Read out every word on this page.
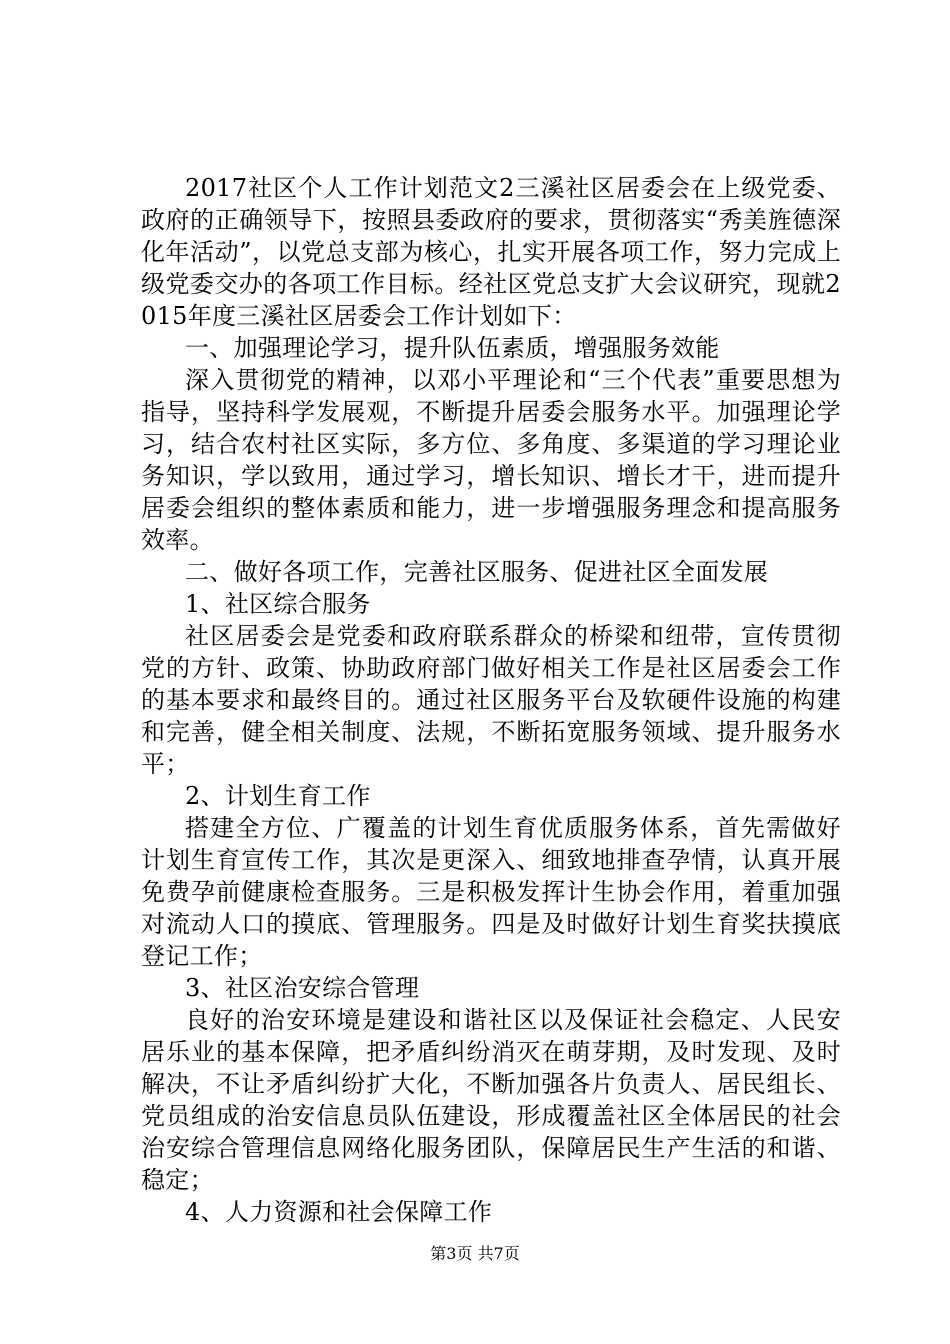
2017社区个人工作计划范文2三溪社区居委会在上级党委、政府的正确领导下，按照县委政府的要求，贯彻落实“秀美旌德深化年活动”，以党总支部为核心，扎实开展各项工作，努力完成上级党委交办的各项工作目标。经社区党总支扩大会议研究，现就2015年度三溪社区居委会工作计划如下：

一、加强理论学习，提升队伍素质，增强服务效能

深入贯彻党的精神，以邓小平理论和“三个代表”重要思想为指导，坚持科学发展观，不断提升居委会服务水平。加强理论学习，结合农村社区实际，多方位、多角度、多渠道的学习理论业务知识，学以致用，通过学习，增长知识、增长才干，进而提升居委会组织的整体素质和能力，进一步增强服务理念和提高服务效率。

二、做好各项工作，完善社区服务、促进社区全面发展

1、社区综合服务

社区居委会是党委和政府联系群众的桥梁和纽带，宣传贯彻党的方针、政策、协助政府部门做好相关工作是社区居委会工作的基本要求和最终目的。通过社区服务平台及软硬件设施的构建和完善，健全相关制度、法规，不断拓宽服务领域、提升服务水平；

2、计划生育工作

搭建全方位、广覆盖的计划生育优质服务体系，首先需做好计划生育宣传工作，其次是更深入、细致地排查孕情，认真开展免费孕前健康检查服务。三是积极发挥计生协会作用，着重加强对流动人口的摸底、管理服务。四是及时做好计划生育奖扶摸底登记工作；

3、社区治安综合管理

良好的治安环境是建设和谐社区以及保证社会稳定、人民安居乐业的基本保障，把矛盾纠纷消灭在萌芽期，及时发现、及时解决，不让矛盾纠纷扩大化，不断加强各片负责人、居民组长、党员组成的治安信息员队伍建设，形成覆盖社区全体居民的社会治安综合管理信息网络化服务团队，保障居民生产生活的和谐、稳定；

4、人力资源和社会保障工作

第3页 共7页
